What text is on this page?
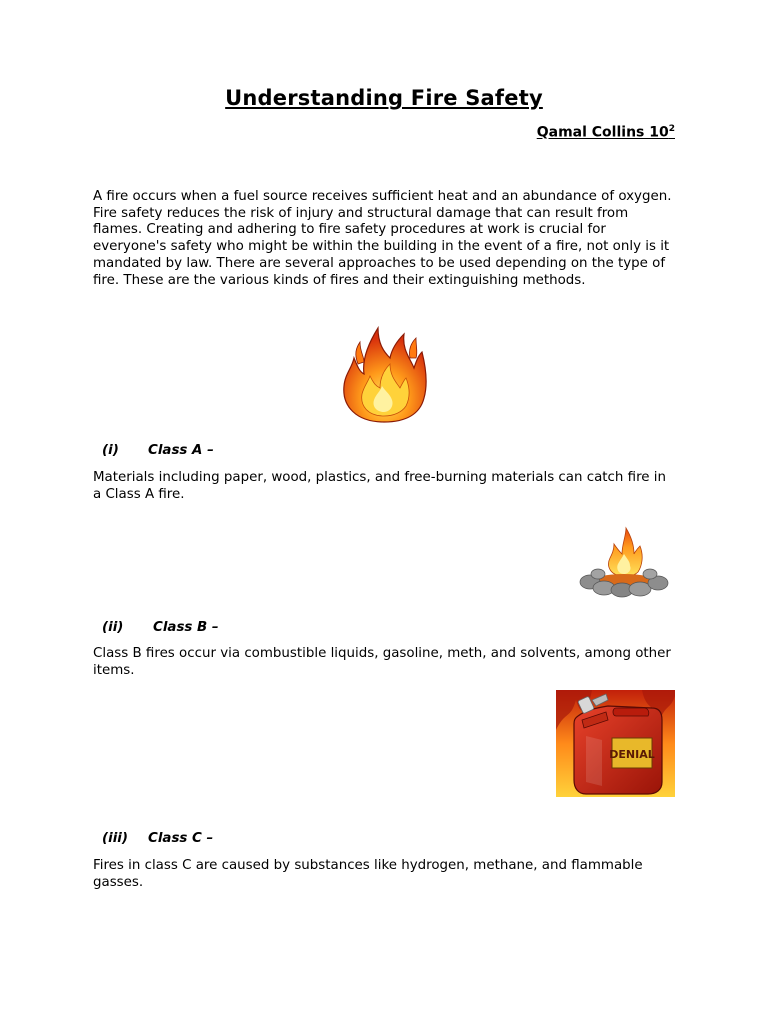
Understanding Fire Safety
Qamal Collins $10^2$

A fire occurs when a fuel source receives sufficient heat and an abundance of oxygen. Fire safety reduces the risk of injury and structural damage that can result from flames. Creating and adhering to fire safety procedures at work is crucial for everyone's safety who might be within the building in the event of a fire, not only is it mandated by law. There are several approaches to be used depending on the type of fire. These are the various kinds of fires and their extinguishing methods.

(i) Class A –

Materials including paper, wood, plastics, and free-burning materials can catch fire in a Class A fire.

(ii) Class B –

Class B fires occur via combustible liquids, gasoline, meth, and solvents, among other items.

DENIAL
(iii) Class C –

Fires in class C are caused by substances like hydrogen, methane, and flammable gasses.
